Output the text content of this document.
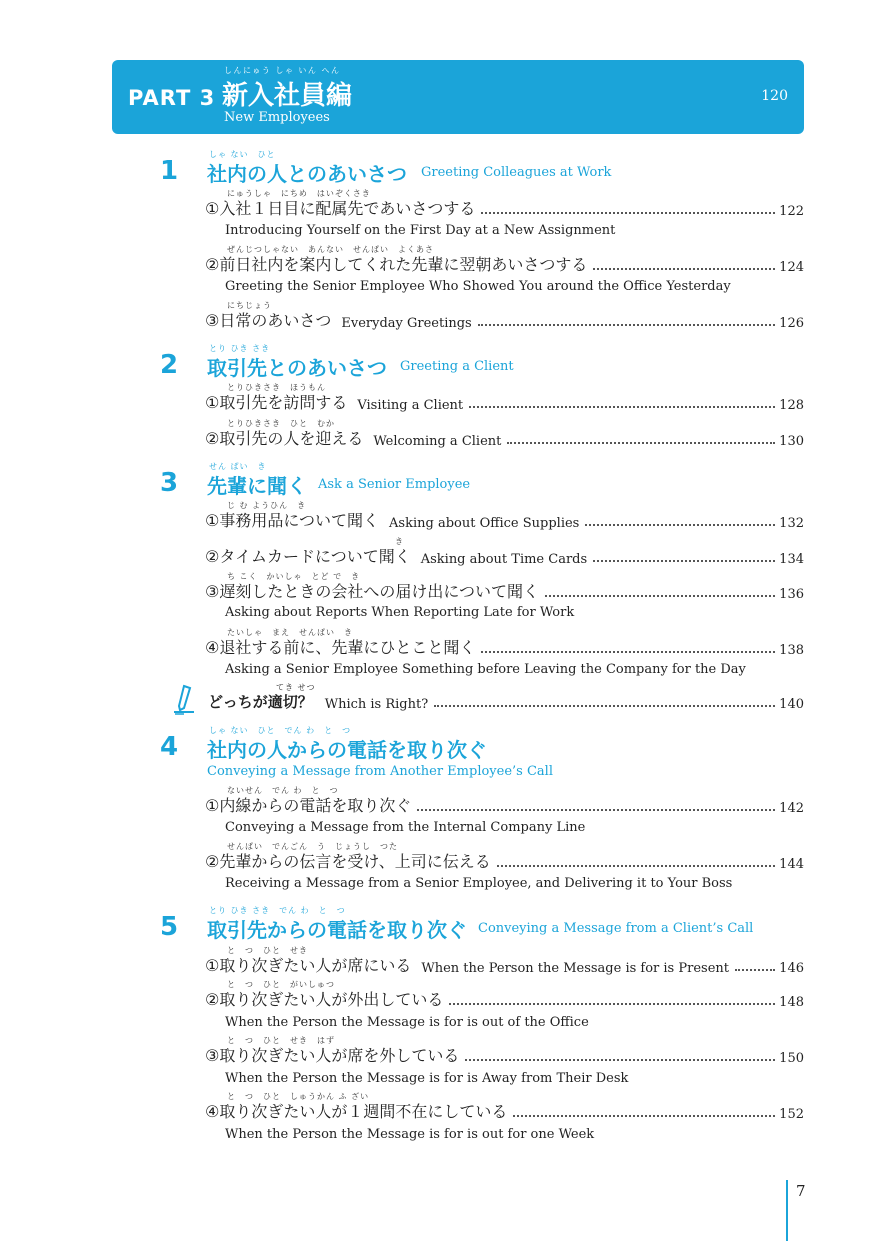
PART 3
しんにゅう しゃ いん へん
新入社員編
New Employees
120
1
しゃ ない　ひと
社内の人とのあいさつ Greeting Colleagues at Work
にゅうしゃ　にちめ　はいぞくさき
①入社１日目に配属先であいさつする	122
Introducing Yourself on the First Day at a New Assignment
ぜんじつしゃない　あんない　せんぱい　よくあさ
②前日社内を案内してくれた先輩に翌朝あいさつする	124
Greeting the Senior Employee Who Showed You around the Office Yesterday
にちじょう
③日常のあいさつ Everyday Greetings	126
2
とり ひき さき
取引先とのあいさつ Greeting a Client
とりひきさき　ほうもん
①取引先を訪問する Visiting a Client	128
とりひきさき　ひと　むか
②取引先の人を迎える Welcoming a Client	130
3
せん ぱい　き
先輩に聞く Ask a Senior Employee
じ む ようひん　き
①事務用品について聞く Asking about Office Supplies	132
き
②タイムカードについて聞く Asking about Time Cards	134
ち こく　かいしゃ　とど で　き
③遅刻したときの会社への届け出について聞く	136
Asking about Reports When Reporting Late for Work
たいしゃ　まえ　せんぱい　き
④退社する前に、先輩にひとこと聞く	138
Asking a Senior Employee Something before Leaving the Company for the Day
てき せつ
どっちが適切？ Which is Right?	140
4
しゃ ない　ひと　でん わ　と　つ
社内の人からの電話を取り次ぐ
Conveying a Message from Another Employee’s Call
ないせん　でん わ　と　つ
①内線からの電話を取り次ぐ	142
Conveying a Message from the Internal Company Line
せんぱい　でんごん　う　じょうし　つた
②先輩からの伝言を受け、上司に伝える	144
Receiving a Message from a Senior Employee, and Delivering it to Your Boss
5
とり ひき さき　でん わ　と　つ
取引先からの電話を取り次ぐ Conveying a Message from a Client’s Call
と　つ　ひと　せき
①取り次ぎたい人が席にいる When the Person the Message is for is Present	146
と　つ　ひと　がいしゅつ
②取り次ぎたい人が外出している	148
When the Person the Message is for is out of the Office
と　つ　ひと　せき　はず
③取り次ぎたい人が席を外している	150
When the Person the Message is for is Away from Their Desk
と　つ　ひと　しゅうかん ふ ざい
④取り次ぎたい人が１週間不在にしている	152
When the Person the Message is for is out for one Week
7
